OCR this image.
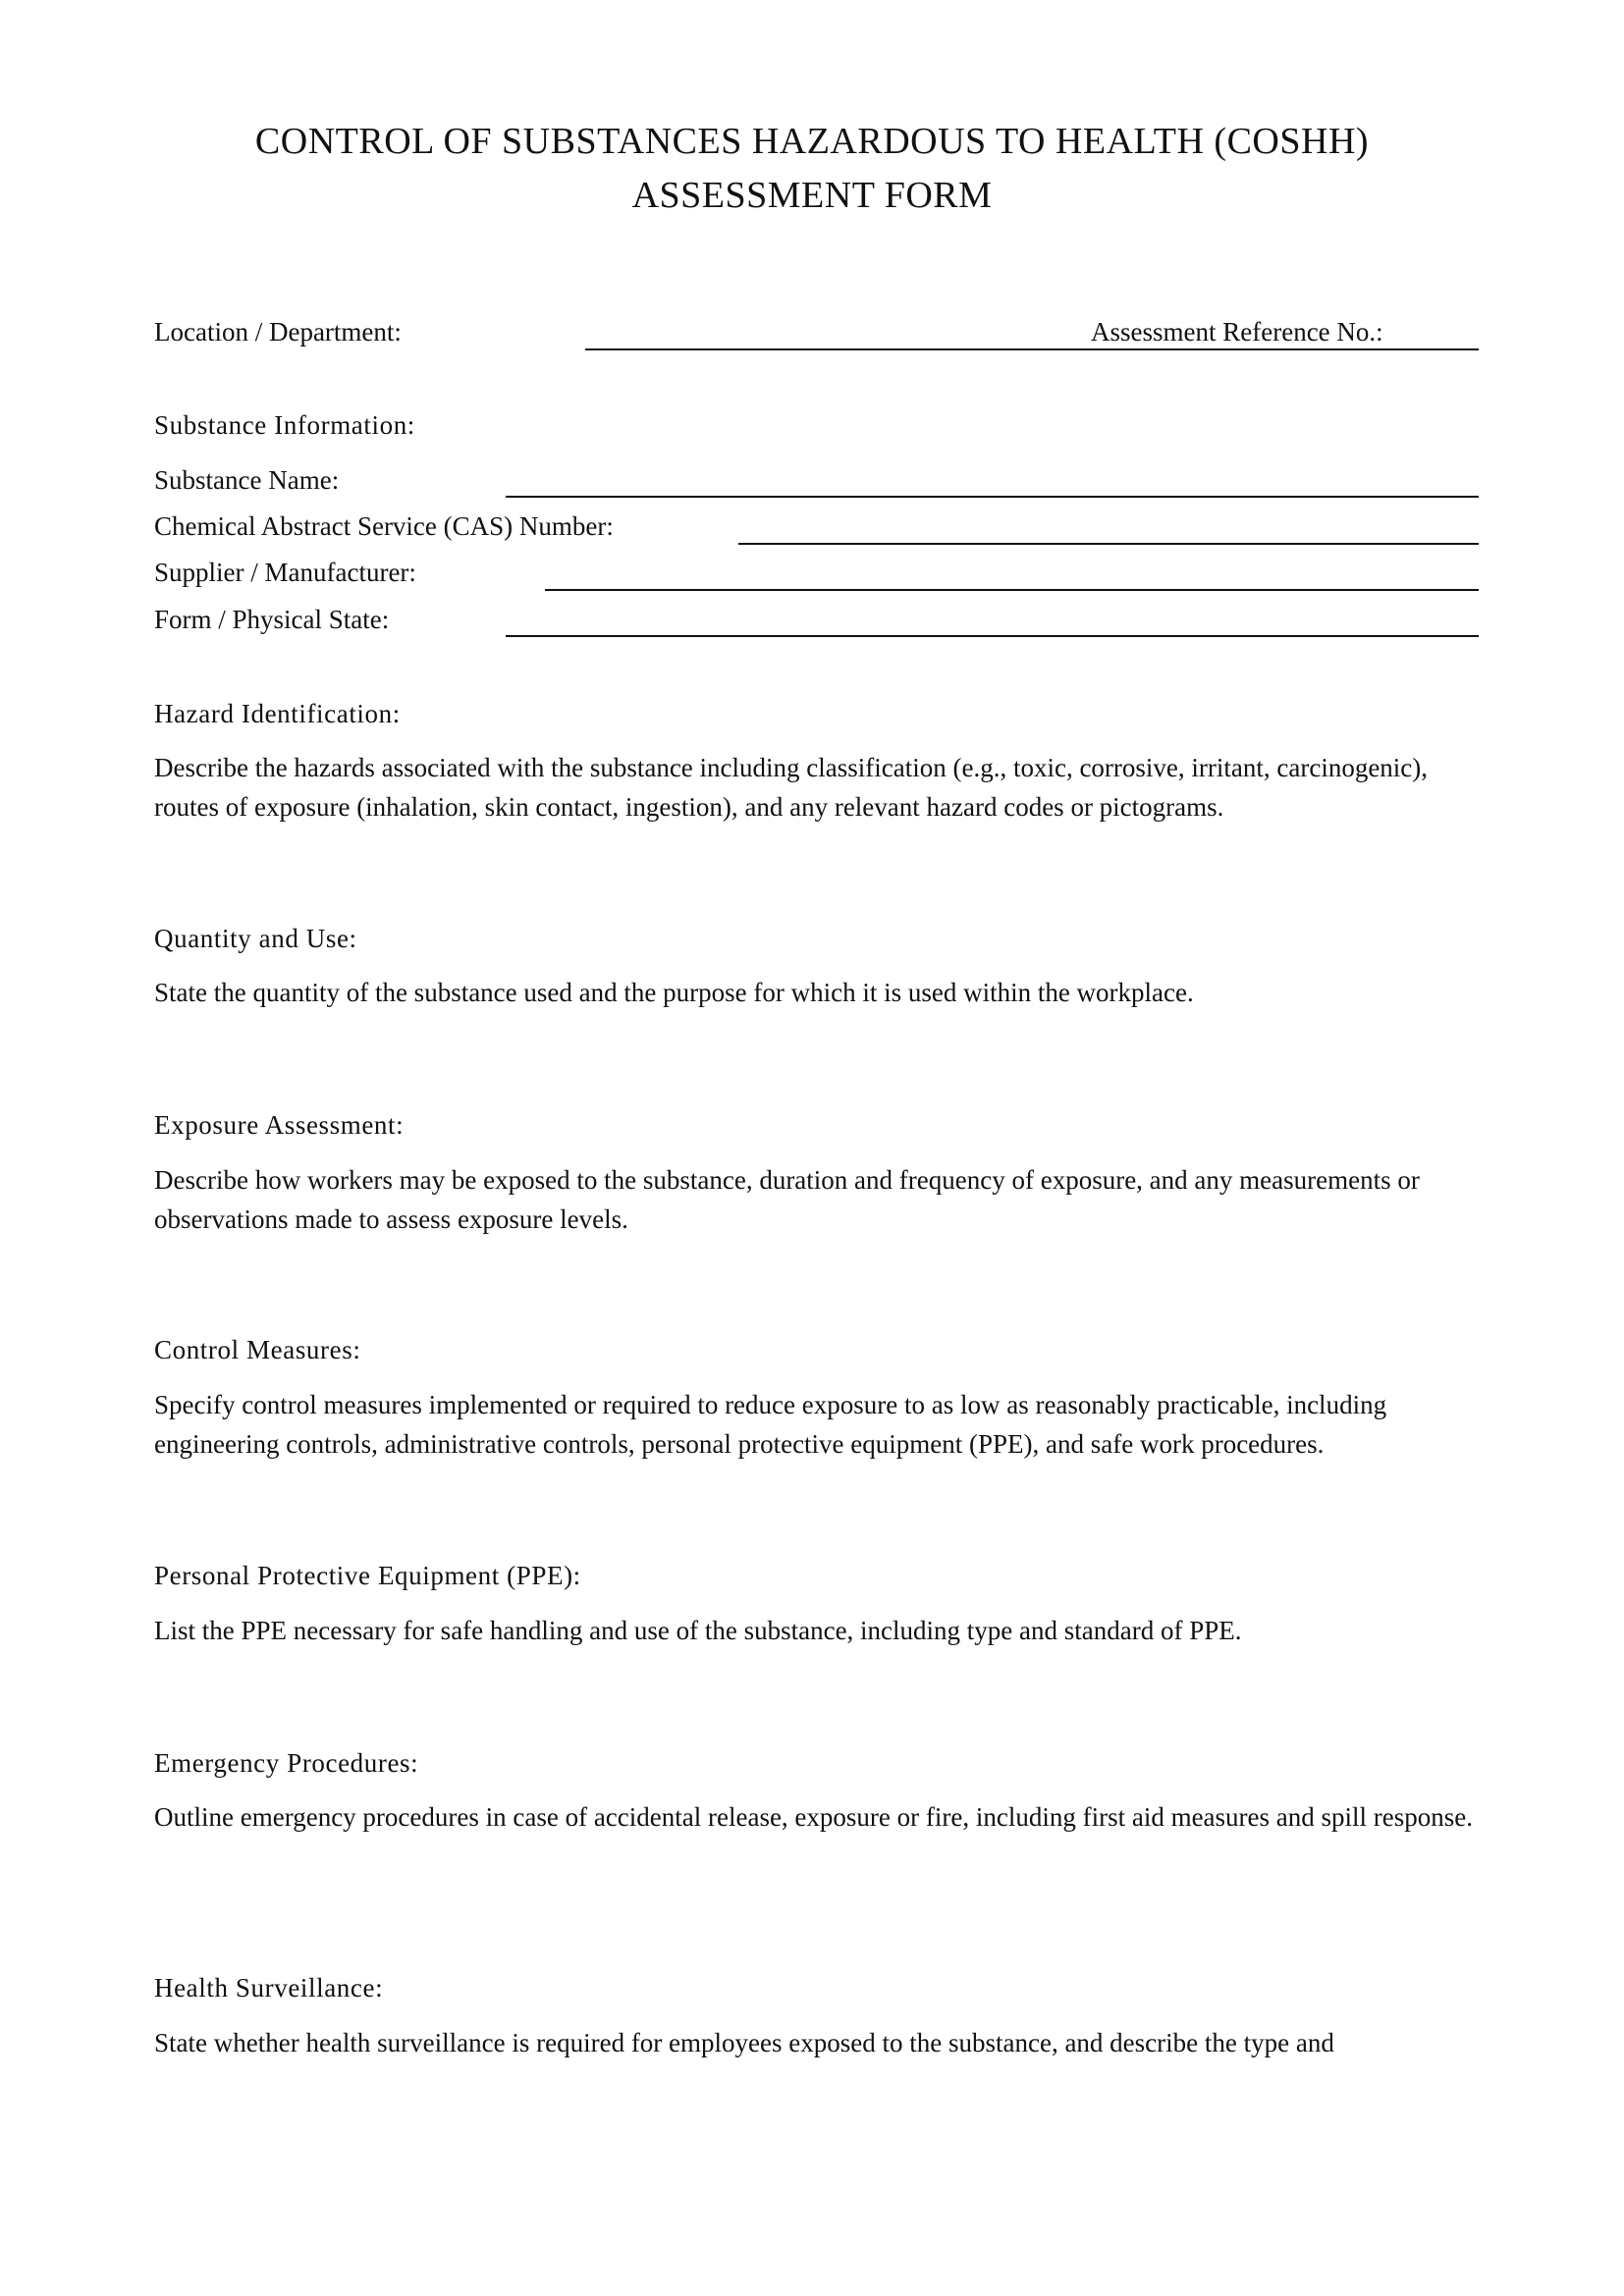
CONTROL OF SUBSTANCES HAZARDOUS TO HEALTH (COSHH)
ASSESSMENT FORM
Location / Department:	Assessment Reference No.:
Substance Information:
Substance Name:
Chemical Abstract Service (CAS) Number:
Supplier / Manufacturer:
Form / Physical State:
Hazard Identification:
Describe the hazards associated with the substance including classification (e.g., toxic, corrosive, irritant, carcinogenic), routes of exposure (inhalation, skin contact, ingestion), and any relevant hazard codes or pictograms.
Quantity and Use:
State the quantity of the substance used and the purpose for which it is used within the workplace.
Exposure Assessment:
Describe how workers may be exposed to the substance, duration and frequency of exposure, and any measurements or observations made to assess exposure levels.
Control Measures:
Specify control measures implemented or required to reduce exposure to as low as reasonably practicable, including engineering controls, administrative controls, personal protective equipment (PPE), and safe work procedures.
Personal Protective Equipment (PPE):
List the PPE necessary for safe handling and use of the substance, including type and standard of PPE.
Emergency Procedures:
Outline emergency procedures in case of accidental release, exposure or fire, including first aid measures and spill response.
Health Surveillance:
State whether health surveillance is required for employees exposed to the substance, and describe the type and
